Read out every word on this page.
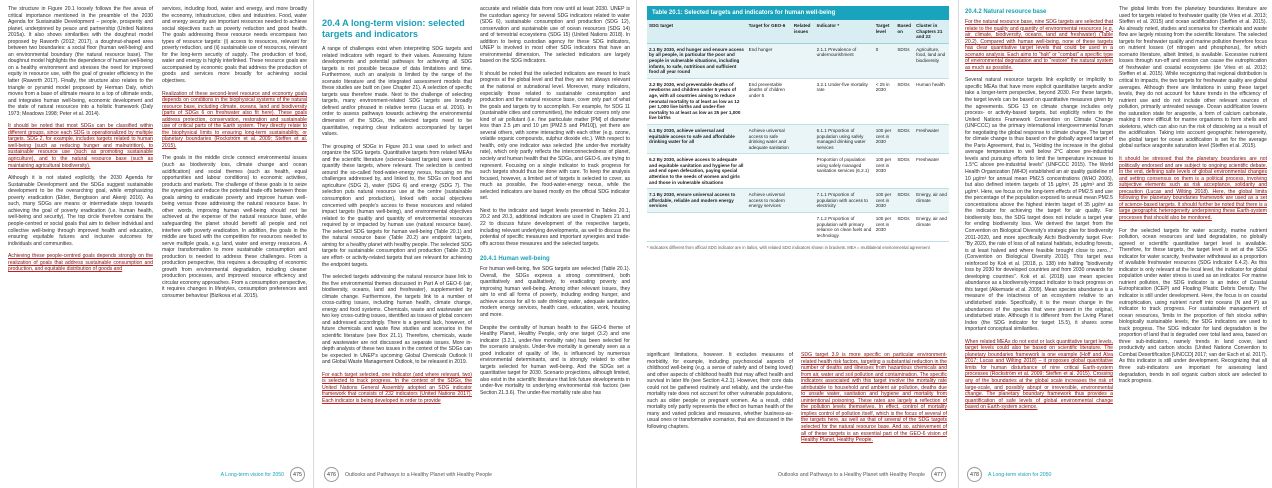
The structure in Figure 20.1 loosely follows the five areas of critical importance mentioned in the preamble of the 2030 Agenda for Sustainable Development – people, prosperity and planet, underpinned by peace and partnership (United Nations 2015a). It also shows similarities with the doughnut model proposed by Raworth (2012; 2017), a doughnut-shaped area between two boundaries: a social floor (human well-being) and an environmental boundary (the natural resource base). The doughnut model highlights the dependence of human well-being on a healthy environment and stresses the need for improved equity in resource use, with the goal of greater efficiency in the latter (Raworth 2017). Finally, the structure also relates to the triangle or pyramid model proposed by Herman Daly, which moves from a base of ultimate means to a top of ultimate ends, and integrates human well-being, economic development and the state of natural resources into a holistic framework (Daly 1973; Meadows 1998; Peter et al. 2014).

It should be noted that most SDGs can be classified within different groups, since each SDG is operationalized by multiple targets. SDG 2, for example, includes targets related to human well-being (such as reducing hunger and malnutrition), to sustainable resource use (such as promoting sustainable agriculture), and to the natural resource base (such as maintaining agricultural biodiversity).

Although it is not stated explicitly, the 2030 Agenda for Sustainable Development and the SDGs suggest sustainable development to be the overarching goal, while emphasizing poverty eradication (Elder, Bengtsson and Akenji 2016). As such, many SDGs are means or intermediate steps towards achieving the goal of poverty eradication (i.e. human health, well-being and security). The top circle therefore contains the people-centred or social goals that aim to deliver individual and collective well-being through improved health and education, ensuring equitable futures and inclusive outcomes for individuals and communities.

Achieving these people-centred goals depends strongly on the realization of goals that address sustainable consumption and production, and equitable distribution of goods and

services, including food, water and energy, and more broadly the economy, infrastructure, cities and industries. Food, water and energy security are important resources needed to achieve social objectives such as poverty reduction and good health. The goals addressing these resource needs encompass two types of resource targets: (i) access to resources, relevant for poverty reduction, and (ii) sustainable use of resources, relevant for the long-term security of supply. The production of food, water and energy is highly interlinked. These resource goals are accompanied by economic goals that address the production of goods and services more broadly for achieving social objectives.

Realization of these second-level resource and economy goals depends on conditions in the biophysical systems of the natural resource base, including climate, oceans, land and biodiversity (parts of SDGs 6 on freshwater also fit here). These goals address protection, conservation, restoration and sustainable use of critical parts of the Earth system. They directly relate to the biophysical limits to ensuring long-term sustainability, or planetary boundaries (Rockström et al. 2009; Steffen et al. 2015).

The goals in the middle circle connect environmental issues (such as biodiversity loss, climate change and ocean acidification) and social themes (such as health, equal opportunities and labour conditions) to economic activities, products and markets. The challenge of these goals is to seize the synergies and reduce the potential trade-offs between those goals aiming to eradicate poverty and improve human well-being versus those addressing the natural resource base. In other words, improving human well-being should not be achieved at the expense of the natural resource base, while safeguarding the planet should benefit all people and not interfere with poverty eradication. In addition, the goals in the middle are faced with the competition for resources needed to serve multiple goals, e.g. land, water and energy resources. A major transformation to more sustainable consumption and production is needed to address these challenges. From a production perspective, this requires a decoupling of economic growth from environmental degradation, including cleaner production processes, and improved resource efficiency and circular economy approaches. From a consumption perspective, it requires changes in lifestyles, consumption preferences and consumer behaviour (Bizikova et al. 2015).

A Long-term vision for 2050	475
20.4 A long-term vision: selected targets and indicators

A range of challenges exist when interpreting SDG targets and related indicators with regard to their values. Assessing future developments and potential pathways for achieving all SDG targets is not possible because of data limitations and time. Furthermore, such an analysis is limited by the range of the scenario literature and the integrated assessment models that these studies are built on (see Chapter 21). A selection of specific targets was therefore made. Next to the challenge of selecting targets, many environment-related SDG targets are broadly defined and/or phrased in relative terms (Lucas et al. 2016). In order to assess pathways towards achieving the environmental dimension of the SDGs, the selected targets need to be quantitative, requiring clear indicators accompanied by target values.

The grouping of SDGs in Figure 20.1 was used to select and organize the SDG targets. Quantitative targets from related MEAs and the scientific literature (science-based targets) were used to quantify these targets, where relevant. The selection is centred around the so-called food-water-energy nexus, focusing on the challenges addressed by, and linked to, the SDGs on food and agriculture (SDG 2), water (SDG 6) and energy (SDG 7). The selection puts natural resource use at the centre (sustainable consumption and production), linked with social objectives concerned with people's access to these resources and related impact targets (human well-being), and environmental objectives related to the quality and quantity of environmental resources required by or impacted by human use (natural resource base). The selected SDG targets for human well-being (Table 20.1) and the natural resource base (Table 20.2) are endpoint targets, aiming for a healthy planet with healthy people. The selected SDG targets for sustainable consumption and production (Table 20.3) are effort- or activity-related targets that are relevant for achieving the endpoint targets.

The selected targets addressing the natural resource base link to the five environmental themes discussed in Part A of GEO-6 (air, biodiversity, oceans, land and freshwater), supplemented by climate change. Furthermore, the targets link to a number of cross-cutting issues, including human health, climate change, energy and food systems. Chemicals, waste and wastewater are two key cross-cutting issues, identified as issues of global concern and addressed accordingly. There is a general lack, however, of future chemicals and waste flow studies and scenarios in the scientific literature (see Box 21.1). Therefore, chemicals, waste and wastewater are not discussed as separate issues. More in-depth analysis of these two issues in the context of the SDGs can be expected in UNEP's upcoming Global Chemicals Outlook II and Global Waste Management Outlook, to be released in 2019.

For each target selected, one indicator (and where relevant, two) is selected to track progress. In the context of the SDGs, the United Nations General Assembly adopted an SDG indicator framework that consists of 232 indicators (United Nations 2017). Each indicator is being developed in order to provide

accurate and reliable data from now until at least 2030. UNEP is the custodian agency for several SDG indicators related to water (SDG 6), sustainable consumption and production (SDG 12), conservation and sustainable use of ocean resources (SDG 14) and of terrestrial ecosystems (SDG 15) (United Nations 2018). In addition to being custodian agency for these SDG indicators, UNEP is involved in most other SDG indicators that have an environmental dimension. The selected indicators are largely based on the SDG indicators.

It should be noted that the selected indicators are meant to track progress at the global level and that they are not always relevant at the national or subnational level. Moreover, many indicators, especially those related to sustainable consumption and production and the natural resource base, cover only part of what the goals and targets try to accomplish. For example, for SDG 11 (sustainable cities and communities), the indicator covers only one kind of air pollutant (i.e. fine particulate matter [PM] of diameter less than 2.5 μm and 10 μm [PM2.5 and PM10]), yet there are several others, with some interacting with each other (e.g. ozone, volatile organic compounds, sulphur dioxide etc.). With respect to health, only one indicator was selected (the under-five mortality rate), which only partly reflects the interconnectedness of planet, society and human health that the SDGs, and GEO-6, are trying to represent. Focusing on a single indicator to track progress for such targets should thus be done with care. To keep the analysis focused, however, a limited set of targets is selected to cover, as much as possible, the food-water-energy nexus, while the selected indicators are based mostly on the official SDG indicator set.

Next to the indicator and target levels presented in Tables 20.1, 20.2 and 20.3, additional indicators are used in Chapters 21 and 22 to discuss future development of the respective targets, including relevant underlying developments, as well to discuss the potential of specific measures and important synergies and trade-offs across these measures and the selected targets.

20.4.1 Human well-being

For human well-being, five SDG targets are selected (Table 20.1). Overall, the SDGs express a strong commitment, both quantitatively and qualitatively, to eradicating poverty and improving human well-being. Among other relevant issues, they aim to end all forms of poverty, including ending hunger, and achieve access for all to safe drinking water, adequate sanitation, modern energy services, health care, education, work, housing and more.

Despite the centrality of human health to the GEO-6 theme of Healthy Planet, Healthy People, only one target (3.2) and one indicator (3.2.1, under-five mortality rate) has been selected for the scenario analysis. Under-five mortality is generally seen as a good indicator of quality of life, is influenced by numerous environmental determinants, and is strongly related to other targets selected for human well-being. And the SDGs set a quantitative target for 2030. Scenario projections, although limited, also exist in the scientific literature that link future developments in under-five mortality to underlying environmental risk factors (see Section 21.3.6). The under-five mortality rate also has

476	Outlooks and Pathways to a Healthy Planet with Healthy People
Table 20.1: Selected targets and indicators for human well-being
SDG target	Target for GEO-6	Related issues	Indicator *	Target level	Based on	Cluster in Chapters 21 and 22
2.1 By 2030, end hunger and ensure access by all people, in particular the poor and people in vulnerable situations, including infants, to safe, nutritious and sufficient food all year round	End hunger		2.1.1 Prevalence of undernourishment	0	SDGs	Agriculture, food, land and biodiversity
3.2 By 2030, end preventable deaths of newborns and children under 5 years of age, with all countries aiming to reduce neonatal mortality to at least as low as 12 per 1,000 live births and under-five mortality to at least as low as 25 per 1,000 live births	End preventable deaths of children under 5		3.2.1 Under-five mortality rate	< 25 in 2030	SDGs	Human health
6.1 By 2030, achieve universal and equitable access to safe and affordable drinking water for all	Achieve universal access to safe drinking water and adequate sanitation		6.1.1 Proportion of population using safely managed drinking water services	100 per cent in 2030	SDGs	Freshwater
6.2 By 2030, achieve access to adequate and equitable sanitation and hygiene for all and end open defecation, paying special attention to the needs of women and girls and those in vulnerable situations			Proportion of population using safely managed sanitation services (6.2.1)	100 per cent in 2030	SDGs	Freshwater
7.1 By 2030, ensure universal access to affordable, reliable and modern energy services	Achieve universal access to modern energy services		7.1.1 Proportion of population with access to electricity	100 per cent in 2030	SDGs	Energy, air and climate
			7.1.2 Proportion of population with primary reliance on clean fuels and technology	100 per cent in 2030	SDGs	Energy, air and climate
* Indicators different from official SDG indicator are in italics, with related SDG indicators shown in brackets. MEA = multilateral environmental agreement

significant limitations, however. It excludes measures of morbidity, for example, including psychosocial aspects of childhood well-being (e.g. a sense of safety and of being loved) and other aspects of childhood health that may affect health and survival in later life (see Section 4.2.1). However, their core data could not be gathered routinely and reliably, and the under-five mortality rate does not account for other vulnerable populations, such as older people or pregnant women. As a result, child mortality only partly represents the effect on human health of the many and varied policies and measures, whether business-as-usual ones or transformative scenarios, that are discussed in the following chapters.

SDG target 3.9 is more specific on particular environment-related health risk factors, targeting a substantial reduction in the number of deaths and illnesses from hazardous chemicals and from air, water and soil pollution and contamination. The specific indicators associated with this target involve the mortality rate attributable to household and ambient air pollution, deaths due to unsafe water, sanitation and hygiene and mortality from unintentional poisoning. These rates are largely a reflection of the pollution levels themselves. In effect, control of mortality implies control of pollution itself, which is the focus of several of the targets here, as well as that of several of the SDG targets selected for the natural resource base. And so, achievement of all of these targets is an essential part of the GEO-6 vision of Healthy Planet, Healthy People.

Outlooks and Pathways to a Healthy Planet with Healthy People	477
20.4.2 Natural resource base

For the natural resource base, nine SDG targets are selected that relate to the quality and quantity of environmental resources (e.g. air, climate, biodiversity, oceans, land and freshwater) (Table 20.2). Compared with human well-being, none of these targets has clear quantitative target levels that could be used in a scenario analysis. Each aims to "halt" or "combat" a specific type of environmental degradation and to "restore" the natural system as much as possible.

Several natural resource targets link explicitly or implicitly to specific MEAs that have more explicit quantitative targets and/or take a longer-term perspective, beyond 2030. For these targets, the target levels can be based on quantitative measures given by the agreements. SDG 13 on climate change includes only process- or activity-based targets, but explicitly refers to the United Nations Framework Convention on Climate Change (UNFCCC) as the primary international intergovernmental forum for negotiating the global response to climate change. The target for climate change is thus based on the globally agreed target of the Paris Agreement, that is, "Holding the increase in the global average temperature to well below 2°C above pre-industrial levels and pursuing efforts to limit the temperature increase to 1.5°C above pre-industrial levels" (UNFCCC 2015). The World Health Organization (WHO) established an air quality guideline of 10 μg/m³ for annual mean PM2.5 concentrations (WHO 2006), but also defined interim targets of 15 μg/m³, 25 μg/m³ and 35 μg/m³. Here, we focus on the long-term effects of PM2.5 and use the percentage of the population exposed to annual mean PM2.5 concentrations above the highest interim target of 35 μg/m³ as the indicator for achieving the target for air quality. For biodiversity loss, the SDG target does not include a target year for ending biodiversity loss. We derived the target from the Convention on Biological Diversity's strategic plan for biodiversity 2011-2020, and more specifically Aichi Biodiversity target Five: "By 2020, the rate of loss of all natural habitats, including forests, is at least halved and where feasible brought close to zero..." (Convention on Biological Diversity 2010). This target was reinforced by Kok et al. (2018, p. 138) into halting "biodiversity loss by 2030 for developed countries and from 2030 onwards for developing countries". Kok et al. (2018) use mean species abundance as a biodiversity-impact indicator to track progress on this target (Alkemade et al. 2009). Mean species abundance is a measure of the intactness of an ecosystem relative to an undisturbed state. Specifically, it is the mean change in the abundances of the species that were present in the original, undisturbed state. Although it is different from the Living Planet Index (the SDG indicator for target 15.5), it shares some important conceptual similarities.

When related MEAs do not exist or lack quantitative target levels, target levels could also be based on scientific literature. The planetary boundaries framework is one example (Hoff and Alva 2017; Lucas and Wilting 2018) – it proposes global quantitative limits for human disturbance of nine critical Earth-system processes (Rockström et al. 2009; Steffen et al. 2015). Crossing any of the boundaries at the global scale increases the risk of large-scale, and possibly abrupt or irreversible, environmental change. The planetary boundary framework thus provides a quantification of safe levels of global environmental change based on Earth-system science.

The global limits from the planetary boundaries literature are used for targets related to freshwater quality (de Vries et al. 2013; Steffen et al. 2015) and ocean acidification (Steffen et al. 2015). As already noted, studies and scenarios for chemicals and waste flow are largely missing from the scientific literature. The selected targets for freshwater quality and marine pollution therefore focus on nutrient losses (of nitrogen and phosphorus), for which scenario literature, albeit limited, is available. Excessive nutrient losses through run-off and erosion can cause the eutrophication of freshwater and coastal ecosystems (de Vries et al. 2013; Steffen et al. 2015). While recognizing that regional distribution is critical to impacts, the two targets for freshwater quality are global averages. Although there are limitations in using these target levels, they do not account for future trends in the efficiency of nutrient use and do not include other relevant sources of pollution, primarily untreated sewage. Ocean acidification lowers the saturation state for aragonite, a form of calcium carbonate, making it more difficult for marine organisms to form shells and skeletons, which can also run the risk of dissolving as a result of the acidification. Taking into account geographic heterogeneity, the global target for ocean acidification is set for the average global surface aragonite saturation level (Steffen et al. 2015).

It should be stressed that the planetary boundaries are not politically endorsed and are subject to ongoing scientific debate. In the end, defining safe levels of global environmental changes and setting consensus on them is a political process, involving subjective elements such as risk acceptance, solidarity and precaution (Lucas and Wilting 2018). Here, the global limits following the planetary boundaries framework are used as a set of science-based targets. It should further be noted that there is a large geographic heterogeneity underpinning these Earth-system processes that should also be monitored.

For the selected targets for water scarcity, marine nutrient pollution, ocean resources and land degradation, no globally agreed or scientific quantitative target level is available. Therefore, for these targets, the target level is set at the SDG indicator for water scarcity, freshwater withdrawal as a proportion of available freshwater resources (SDG indicator 6.4.2). As this indicator is only relevant at the local level, the indicator for global population under water stress is used as an indicator. For marine nutrient pollution, the SDG indicator is an index of Coastal Eutrophication (ICEP) and Floating Plastic Debris Density. The indicator is still under development. Here, the focus is on coastal eutrophication, using nutrient runoff into oceans (N and P) as indicator to track progress. For sustainable management of ocean resources, 'limits in the proportion of fish stocks within biologically sustainable levels, the SDG indicators are used to track progress. The SDG indicator for land degradation is the proportion of land that is degraded over total land area, based on three sub-indicators, namely trends in land cover, land productivity and carbon stocks (United Nations Convention to Combat Desertification [UNCCD] 2017; van der Esch et al. 2017). As this indicator is still under development. Recognizing that all three sub-indicators are important for assessing land degradation, trends in soil organic carbon stock are selected to track progress.

478	A Long-term vision for 2050
